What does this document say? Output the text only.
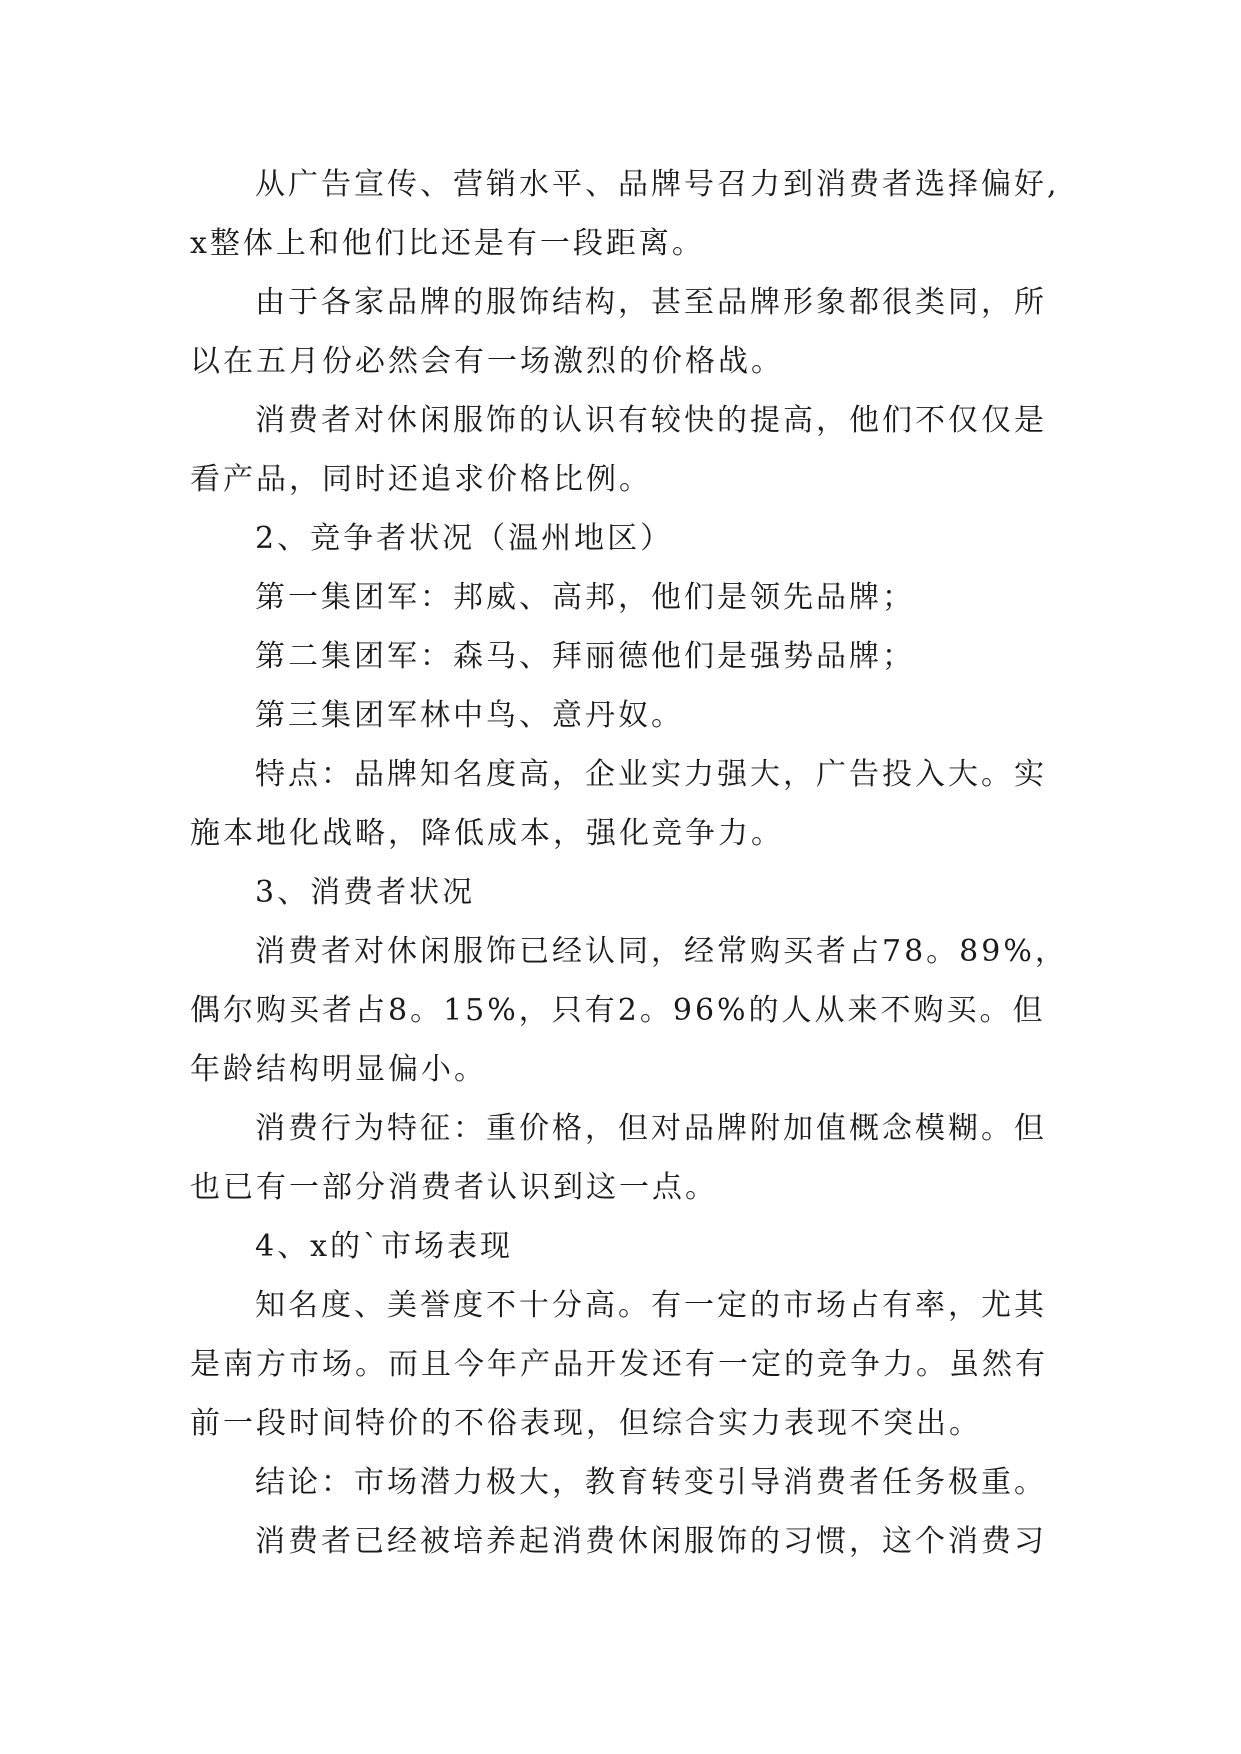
从广告宣传、营销水平、品牌号召力到消费者选择偏好,x整体上和他们比还是有一段距离。

由于各家品牌的服饰结构，甚至品牌形象都很类同，所以在五月份必然会有一场激烈的价格战。

消费者对休闲服饰的认识有较快的提高，他们不仅仅是看产品，同时还追求价格比例。

2、竞争者状况（温州地区）

第一集团军：邦威、高邦，他们是领先品牌；

第二集团军：森马、拜丽德他们是强势品牌；

第三集团军林中鸟、意丹奴。

特点：品牌知名度高，企业实力强大，广告投入大。实施本地化战略，降低成本，强化竞争力。

3、消费者状况

消费者对休闲服饰已经认同，经常购买者占78。89%，偶尔购买者占8。15%，只有2。96%的人从来不购买。但年龄结构明显偏小。

消费行为特征：重价格，但对品牌附加值概念模糊。但也已有一部分消费者认识到这一点。

4、x的`市场表现

知名度、美誉度不十分高。有一定的市场占有率，尤其是南方市场。而且今年产品开发还有一定的竞争力。虽然有前一段时间特价的不俗表现，但综合实力表现不突出。

结论：市场潜力极大，教育转变引导消费者任务极重。

消费者已经被培养起消费休闲服饰的习惯，这个消费习
